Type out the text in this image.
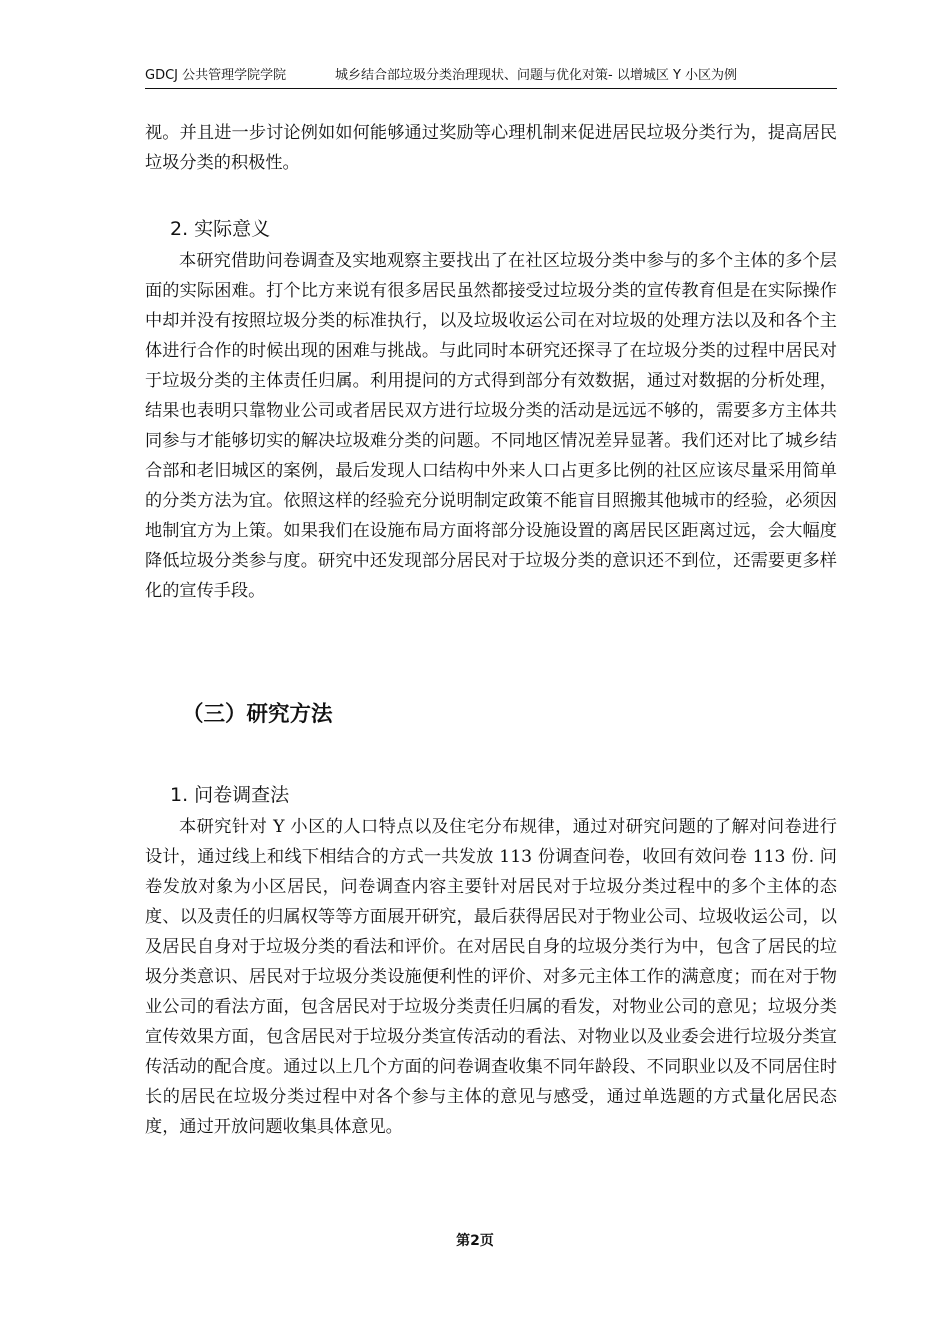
GDCJ 公共管理学院学院	城乡结合部垃圾分类治理现状、问题与优化对策- 以增城区 Y 小区为例

视。并且进一步讨论例如如何能够通过奖励等心理机制来促进居民垃圾分类行为，提高居民垃圾分类的积极性。

2. 实际意义

本研究借助问卷调查及实地观察主要找出了在社区垃圾分类中参与的多个主体的多个层面的实际困难。打个比方来说有很多居民虽然都接受过垃圾分类的宣传教育但是在实际操作中却并没有按照垃圾分类的标准执行，以及垃圾收运公司在对垃圾的处理方法以及和各个主体进行合作的时候出现的困难与挑战。与此同时本研究还探寻了在垃圾分类的过程中居民对于垃圾分类的主体责任归属。利用提问的方式得到部分有效数据，通过对数据的分析处理，结果也表明只靠物业公司或者居民双方进行垃圾分类的活动是远远不够的，需要多方主体共同参与才能够切实的解决垃圾难分类的问题。不同地区情况差异显著。我们还对比了城乡结合部和老旧城区的案例，最后发现人口结构中外来人口占更多比例的社区应该尽量采用简单的分类方法为宜。依照这样的经验充分说明制定政策不能盲目照搬其他城市的经验，必须因地制宜方为上策。如果我们在设施布局方面将部分设施设置的离居民区距离过远，会大幅度降低垃圾分类参与度。研究中还发现部分居民对于垃圾分类的意识还不到位，还需要更多样化的宣传手段。

（三）研究方法
1. 问卷调查法

本研究针对 Y 小区的人口特点以及住宅分布规律，通过对研究问题的了解对问卷进行设计，通过线上和线下相结合的方式一共发放 113 份调查问卷，收回有效问卷 113 份. 问卷发放对象为小区居民，问卷调查内容主要针对居民对于垃圾分类过程中的多个主体的态度、以及责任的归属权等等方面展开研究，最后获得居民对于物业公司、垃圾收运公司，以及居民自身对于垃圾分类的看法和评价。在对居民自身的垃圾分类行为中，包含了居民的垃圾分类意识、居民对于垃圾分类设施便利性的评价、对多元主体工作的满意度；而在对于物业公司的看法方面，包含居民对于垃圾分类责任归属的看发，对物业公司的意见；垃圾分类宣传效果方面，包含居民对于垃圾分类宣传活动的看法、对物业以及业委会进行垃圾分类宣传活动的配合度。通过以上几个方面的问卷调查收集不同年龄段、不同职业以及不同居住时长的居民在垃圾分类过程中对各个参与主体的意见与感受，通过单选题的方式量化居民态度，通过开放问题收集具体意见。

第2页
